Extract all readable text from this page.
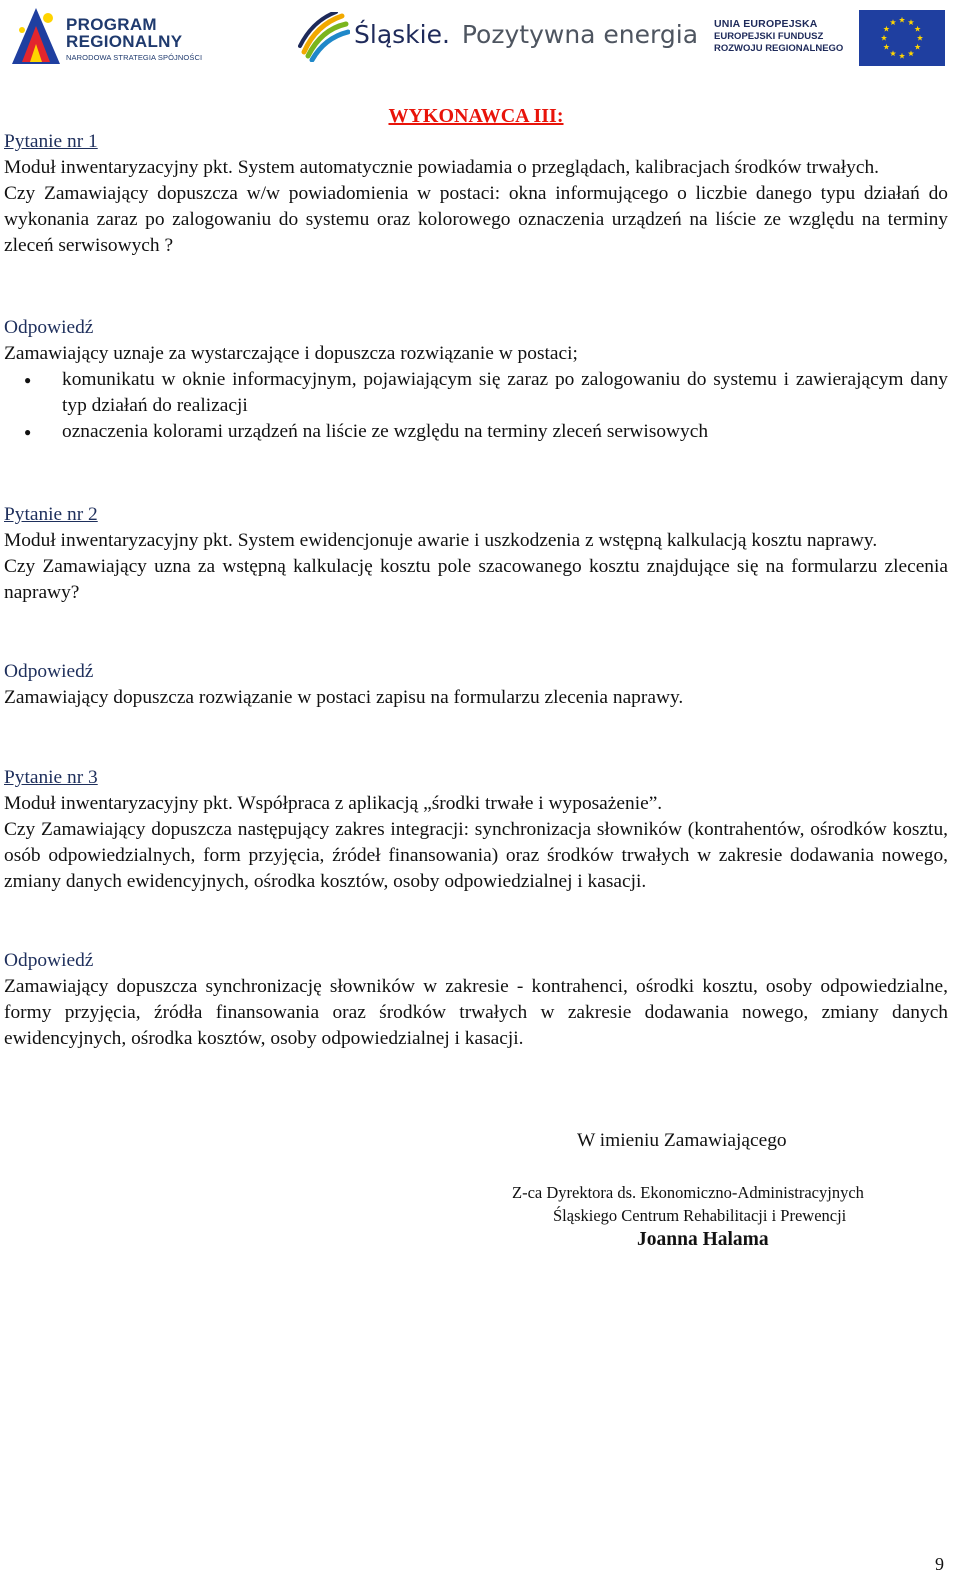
PROGRAM
REGIONALNY
NARODOWA STRATEGIA SPÓJNOŚCI
Śląskie. Pozytywna energia UNIA EUROPEJSKA
EUROPEJSKI FUNDUSZ
ROZWOJU REGIONALNEGO
WYKONAWCA III:
Pytanie nr 1

Moduł inwentaryzacyjny pkt. System automatycznie powiadamia o przeglądach, kalibracjach środków trwałych.

Czy Zamawiający dopuszcza w/w powiadomienia w postaci: okna informującego o liczbie danego typu działań do wykonania zaraz po zalogowaniu do systemu oraz kolorowego oznaczenia urządzeń na liście ze względu na terminy zleceń serwisowych ?

Odpowiedź

Zamawiający uznaje za wystarczające i dopuszcza rozwiązanie w postaci;

● komunikatu w oknie informacyjnym, pojawiającym się zaraz po zalogowaniu do systemu i zawierającym dany typ działań do realizacji
● oznaczenia kolorami urządzeń na liście ze względu na terminy zleceń serwisowych
Pytanie nr 2

Moduł inwentaryzacyjny pkt. System ewidencjonuje awarie i uszkodzenia z wstępną kalkulacją kosztu naprawy.

Czy Zamawiający uzna za wstępną kalkulację kosztu pole szacowanego kosztu znajdujące się na formularzu zlecenia naprawy?

Odpowiedź

Zamawiający dopuszcza rozwiązanie w postaci zapisu na formularzu zlecenia naprawy.

Pytanie nr 3

Moduł inwentaryzacyjny pkt. Współpraca z aplikacją „środki trwałe i wyposażenie”.

Czy Zamawiający dopuszcza następujący zakres integracji: synchronizacja słowników (kontrahentów, ośrodków kosztu, osób odpowiedzialnych, form przyjęcia, źródeł finansowania) oraz środków trwałych w zakresie dodawania nowego, zmiany danych ewidencyjnych, ośrodka kosztów, osoby odpowiedzialnej i kasacji.

Odpowiedź

Zamawiający dopuszcza synchronizację słowników w zakresie - kontrahenci, ośrodki kosztu, osoby odpowiedzialne, formy przyjęcia, źródła finansowania oraz środków trwałych w zakresie dodawania nowego, zmiany danych ewidencyjnych, ośrodka kosztów, osoby odpowiedzialnej i kasacji.

W imieniu Zamawiającego
Z-ca Dyrektora ds. Ekonomiczno-Administracyjnych
Śląskiego Centrum Rehabilitacji i Prewencji
Joanna Halama
9
